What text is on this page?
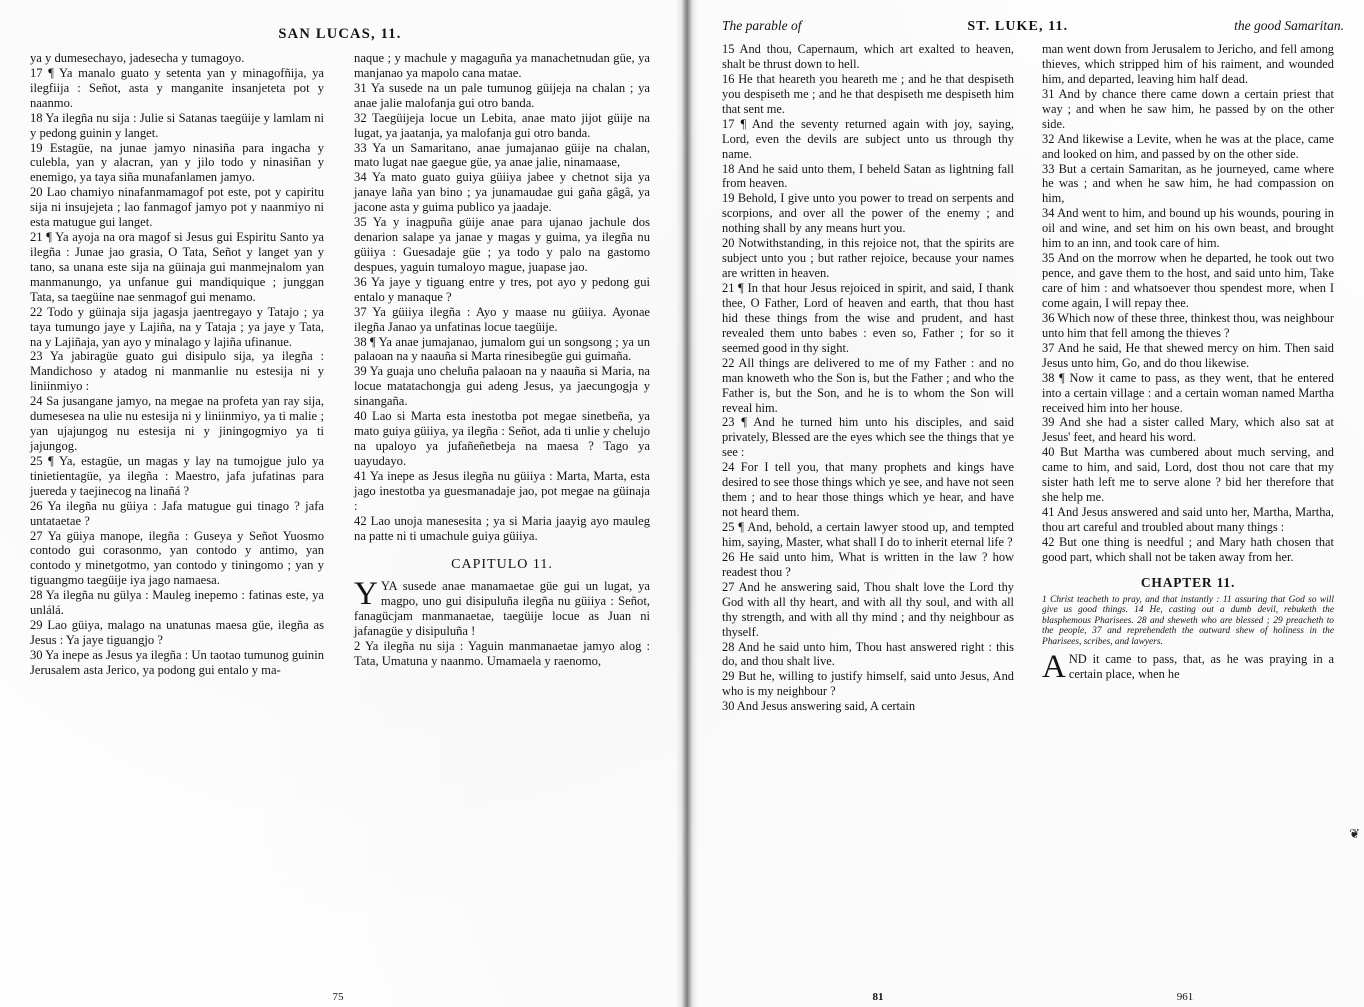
SAN LUCAS, 11.

ya y dumesechayo, jadesecha y tumagoyo.

17 ¶ Ya manalo guato y setenta yan y minagofñija, ya ilegfiija : Señot, asta y manganite insanjeteta pot y naanmo.

18 Ya ilegña nu sija : Julie si Satanas taegüije y lamlam ni y pedong guinin y langet.

19 Estagüe, na junae jamyo ninasiña para ingacha y culebla, yan y alacran, yan y jilo todo y ninasiñan y enemigo, ya taya siña munafanlamen jamyo.

20 Lao chamiyo ninafanmamagof pot este, pot y capiritu sija ni insujejeta ; lao fanmagof jamyo pot y naanmiyo ni esta matugue gui langet.

21 ¶ Ya ayoja na ora magof si Jesus gui Espiritu Santo ya ilegña : Junae jao grasia, O Tata, Señot y langet yan y tano, sa unana este sija na güinaja gui manmejnalom yan manmanungo, ya unfanue gui mandiquique ; junggan Tata, sa taegüine nae senmagof gui menamo.

22 Todo y güinaja sija jagasja jaentregayo y Tatajo ; ya taya tumungo jaye y Lajiña, na y Tataja ; ya jaye y Tata, na y Lajiñaja, yan ayo y minalago y lajiña ufinanue.

23 Ya jabiragüe guato gui disipulo sija, ya ilegña : Mandichoso y atadog ni manmanlie nu estesija ni y liniinmiyo :

24 Sa jusangane jamyo, na megae na profeta yan ray sija, dumesesea na ulie nu estesija ni y liniinmiyo, ya ti malie ; yan ujajungog nu estesija ni y jiningogmiyo ya ti jajungog.

25 ¶ Ya, estagüe, un magas y lay na tumojgue julo ya tinietientagüe, ya ilegña : Maestro, jafa jufatinas para juereda y taejinecog na linañá ?

26 Ya ilegña nu güiya : Jafa matugue gui tinago ? jafa untataetae ?

27 Ya güiya manope, ilegña : Guseya y Señot Yuosmo contodo gui corasonmo, yan contodo y antimo, yan contodo y minetgotmo, yan contodo y tiningomo ; yan y tiguangmo taegüije iya jago namaesa.

28 Ya ilegña nu gülya : Mauleg inepemo : fatinas este, ya unlálá.

29 Lao güiya, malago na unatunas maesa güe, ilegña as Jesus : Ya jaye tiguangjo ?

30 Ya inepe as Jesus ya ilegña : Un taotao tumunog guinin Jerusalem asta Jerico, ya podong gui entalo y ma-

naque ; y machule y magaguña ya manachetnudan güe, ya manjanao ya mapolo cana matae.

31 Ya susede na un pale tumunog güijeja na chalan ; ya anae jalie malofanja gui otro banda.

32 Taegüijeja locue un Lebita, anae mato jijot güije na lugat, ya jaatanja, ya malofanja gui otro banda.

33 Ya un Samaritano, anae jumajanao güije na chalan, mato lugat nae gaegue güe, ya anae jalie, ninamaase,

34 Ya mato guato guiya güiiya jabee y chetnot sija ya janaye laña yan bino ; ya junamaudae gui gaña gâgâ, ya jacone asta y guima publico ya jaadaje.

35 Ya y inagpuña güije anae para ujanao jachule dos denarion salape ya janae y magas y guima, ya ilegña nu güiiya : Guesadaje güe ; ya todo y palo na gastomo despues, yaguin tumaloyo mague, juapase jao.

36 Ya jaye y tiguang entre y tres, pot ayo y pedong gui entalo y manaque ?

37 Ya güiiya ilegña : Ayo y maase nu güiiya. Ayonae ilegña Janao ya unfatinas locue taegüije.

38 ¶ Ya anae jumajanao, jumalom gui un songsong ; ya un palaoan na y naauña si Marta rinesibegüe gui guimaña.

39 Ya guaja uno cheluña palaoan na y naauña si Maria, na locue matatachongja gui adeng Jesus, ya jaecungogja y sinangaña.

40 Lao si Marta esta inestotba pot megae sinetbeña, ya mato guiya güiiya, ya ilegña : Señot, ada ti unlie y chelujo na upaloyo ya jufañeñetbeja na maesa ? Tago ya uayudayo.

41 Ya inepe as Jesus ilegña nu güiiya : Marta, Marta, esta jago inestotba ya guesmanadaje jao, pot megae na güinaja :

42 Lao unoja manesesita ; ya si Maria jaayig ayo mauleg na patte ni ti umachule guiya güiiya.

CAPITULO 11.

YYA susede anae manamaetae güe gui un lugat, ya magpo, uno gui disipuluña ilegña nu güiiya : Señot, fanagücjam manmanaetae, taegüije locue as Juan ni jafanagüe y disipuluña !

2 Ya ilegña nu sija : Yaguin manmanaetae jamyo alog : Tata, Umatuna y naanmo. Umamaela y raenomo,

75
The parable of	ST. LUKE, 11.	the good Samaritan.

15 And thou, Capernaum, which art exalted to heaven, shalt be thrust down to hell.

16 He that heareth you heareth me ; and he that despiseth you despiseth me ; and he that despiseth me despiseth him that sent me.

17 ¶ And the seventy returned again with joy, saying, Lord, even the devils are subject unto us through thy name.

18 And he said unto them, I beheld Satan as lightning fall from heaven.

19 Behold, I give unto you power to tread on serpents and scorpions, and over all the power of the enemy ; and nothing shall by any means hurt you.

20 Notwithstanding, in this rejoice not, that the spirits are subject unto you ; but rather rejoice, because your names are written in heaven.

21 ¶ In that hour Jesus rejoiced in spirit, and said, I thank thee, O Father, Lord of heaven and earth, that thou hast hid these things from the wise and prudent, and hast revealed them unto babes : even so, Father ; for so it seemed good in thy sight.

22 All things are delivered to me of my Father : and no man knoweth who the Son is, but the Father ; and who the Father is, but the Son, and he is to whom the Son will reveal him.

23 ¶ And he turned him unto his disciples, and said privately, Blessed are the eyes which see the things that ye see :

24 For I tell you, that many prophets and kings have desired to see those things which ye see, and have not seen them ; and to hear those things which ye hear, and have not heard them.

25 ¶ And, behold, a certain lawyer stood up, and tempted him, saying, Master, what shall I do to inherit eternal life ?

26 He said unto him, What is written in the law ? how readest thou ?

27 And he answering said, Thou shalt love the Lord thy God with all thy heart, and with all thy soul, and with all thy strength, and with all thy mind ; and thy neighbour as thyself.

28 And he said unto him, Thou hast answered right : this do, and thou shalt live.

29 But he, willing to justify himself, said unto Jesus, And who is my neighbour ?

30 And Jesus answering said, A certain

man went down from Jerusalem to Jericho, and fell among thieves, which stripped him of his raiment, and wounded him, and departed, leaving him half dead.

31 And by chance there came down a certain priest that way ; and when he saw him, he passed by on the other side.

32 And likewise a Levite, when he was at the place, came and looked on him, and passed by on the other side.

33 But a certain Samaritan, as he journeyed, came where he was ; and when he saw him, he had compassion on him,

34 And went to him, and bound up his wounds, pouring in oil and wine, and set him on his own beast, and brought him to an inn, and took care of him.

35 And on the morrow when he departed, he took out two pence, and gave them to the host, and said unto him, Take care of him : and whatsoever thou spendest more, when I come again, I will repay thee.

36 Which now of these three, thinkest thou, was neighbour unto him that fell among the thieves ?

37 And he said, He that shewed mercy on him. Then said Jesus unto him, Go, and do thou likewise.

38 ¶ Now it came to pass, as they went, that he entered into a certain village : and a certain woman named Martha received him into her house.

39 And she had a sister called Mary, which also sat at Jesus' feet, and heard his word.

40 But Martha was cumbered about much serving, and came to him, and said, Lord, dost thou not care that my sister hath left me to serve alone ? bid her therefore that she help me.

41 And Jesus answered and said unto her, Martha, Martha, thou art careful and troubled about many things :

42 But one thing is needful ; and Mary hath chosen that good part, which shall not be taken away from her.

CHAPTER 11.

1 Christ teacheth to pray, and that instantly : 11 assuring that God so will give us good things. 14 He, casting out a dumb devil, rebuketh the blasphemous Pharisees. 28 and sheweth who are blessed ; 29 preacheth to the people, 37 and reprehendeth the outward shew of holiness in the Pharisees, scribes, and lawyers.

AND it came to pass, that, as he was praying in a certain place, when he

❦
81	961
